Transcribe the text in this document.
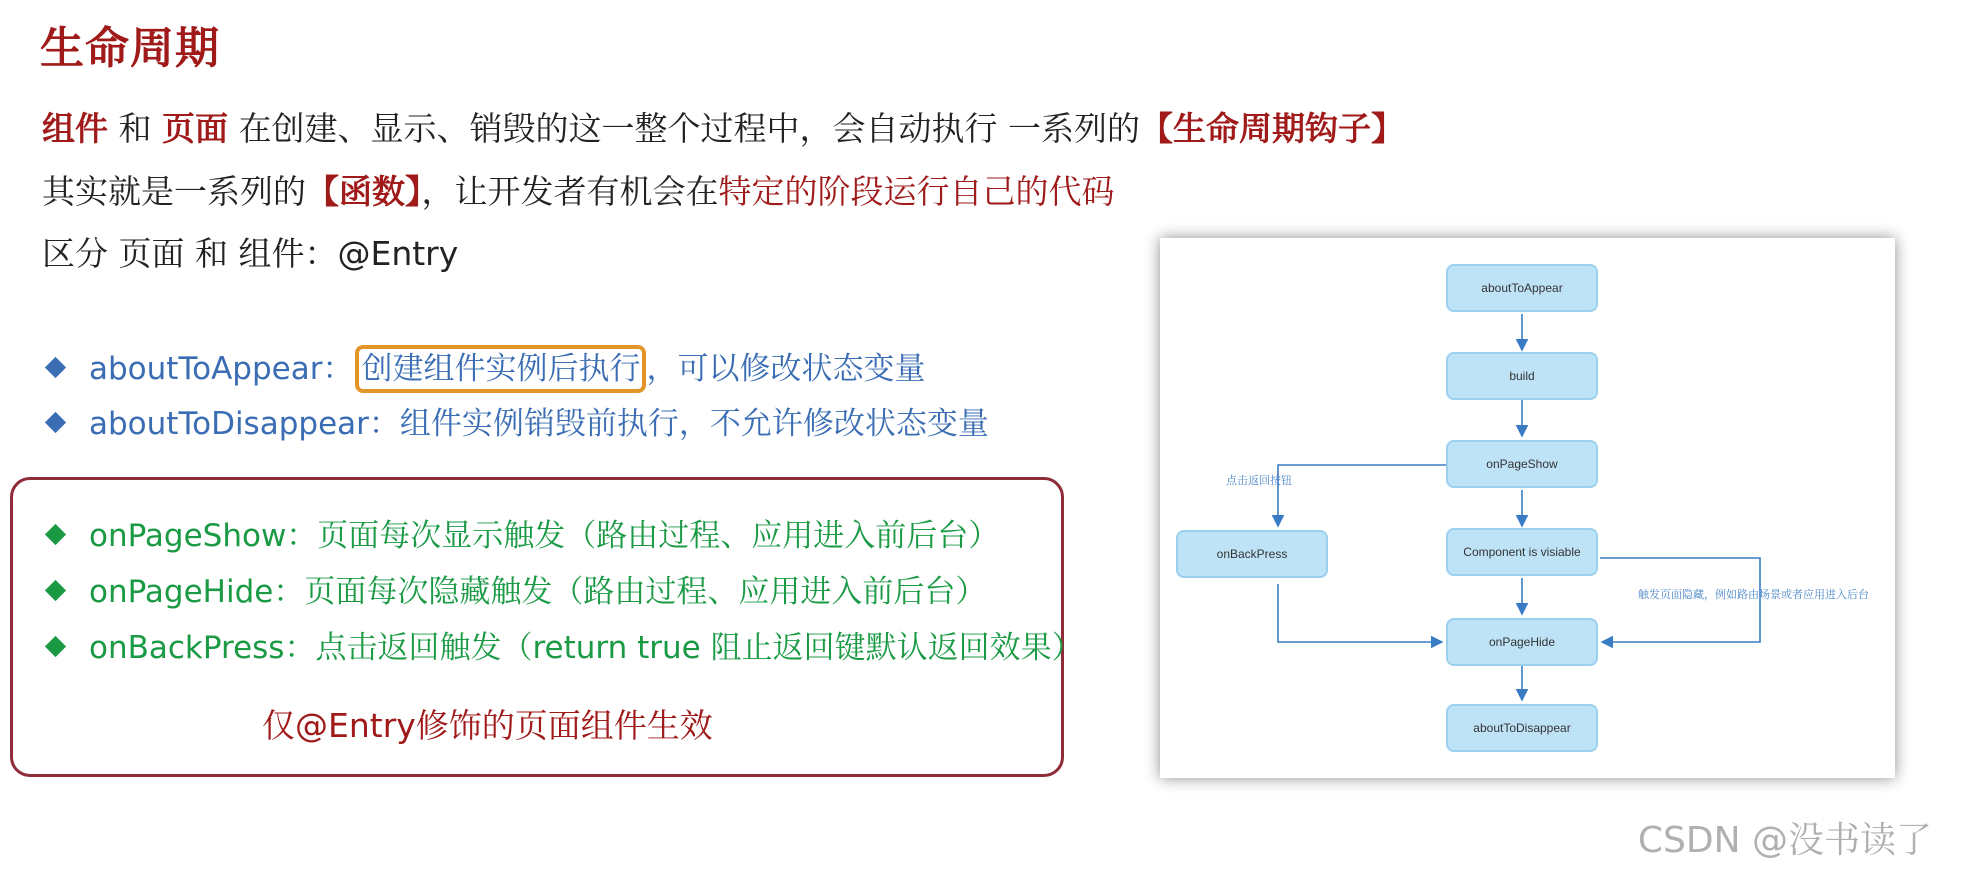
生命周期
组件 和 页面 在创建、显示、销毁的这一整个过程中，会自动执行 一系列的【生命周期钩子】
其实就是一系列的【函数】，让开发者有机会在特定的阶段运行自己的代码
区分 页面 和 组件：@Entry
aboutToAppear： 创建组件实例后执行 ，可以修改状态变量
aboutToDisappear：组件实例销毁前执行，不允许修改状态变量
onPageShow：页面每次显示触发（路由过程、应用进入前后台）
onPageHide：页面每次隐藏触发（路由过程、应用进入前后台）
onBackPress：点击返回触发（return true 阻止返回键默认返回效果）
仅@Entry修饰的页面组件生效
aboutToAppear
build
onPageShow
onBackPress	Component is visiable
onPageHide
aboutToDisappear
点击返回按钮
触发页面隐藏，例如路由场景或者应用进入后台
CSDN @没书读了
